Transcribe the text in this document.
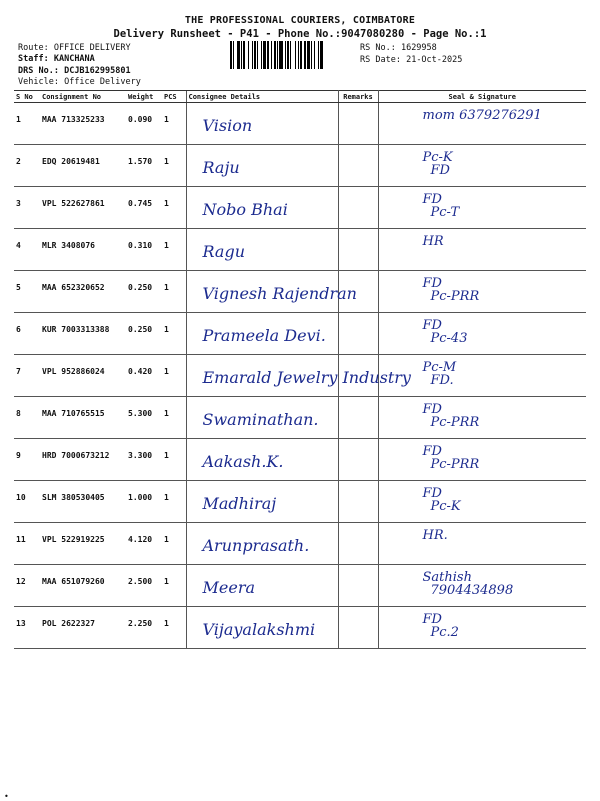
THE PROFESSIONAL COURIERS, COIMBATORE
Delivery Runsheet - P41 - Phone No.:9047080280 - Page No.:1
Route: OFFICE DELIVERY
Staff: KANCHANA
DRS No.: DCJB162995801
Vehicle: Office Delivery
RS No.: 1629958
RS Date: 21-Oct-2025
S No	Consignment No	Weight	PCS	Consignee Details	Remarks	Seal & Signature
1	MAA 713325233	0.090	1	Vision		mom 6379276291

2	EDQ 20619481	1.570	1	Raju		Pc-K
FD

3	VPL 522627861	0.745	1	Nobo Bhai		FD
Pc-T

4	MLR 3408076	0.310	1	Ragu		HR

5	MAA 652320652	0.250	1	Vignesh Rajendran		FD
Pc-PRR

6	KUR 7003313388	0.250	1	Prameela Devi.		FD
Pc-43

7	VPL 952886024	0.420	1	Emarald Jewelry Industry		Pc-M
FD.

8	MAA 710765515	5.300	1	Swaminathan.		FD
Pc-PRR

9	HRD 7000673212	3.300	1	Aakash.K.		FD
Pc-PRR

10	SLM 380530405	1.000	1	Madhiraj		FD
Pc-K

11	VPL 522919225	4.120	1	Arunprasath.		HR.

12	MAA 651079260	2.500	1	Meera		Sathish
7904434898

13	POL 2622327	2.250	1	Vijayalakshmi		FD
Pc.2
•
